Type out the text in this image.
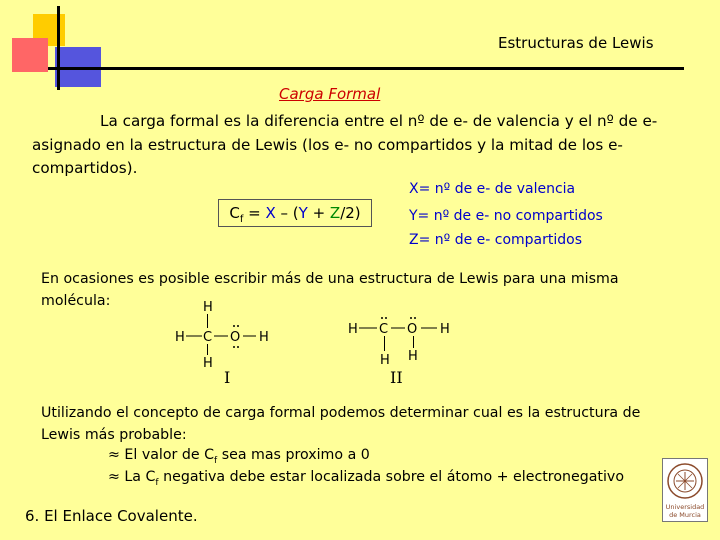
Estructuras de Lewis
Carga Formal
La carga formal es la diferencia entre el nº de e- de valencia y el nº de e- asignado en la estructura de Lewis (los e- no compartidos y la mitad de los e- compartidos).
$C_f = X - (Y + Z/2)$
X= nº de e- de valencia
Y= nº de e- no compartidos
Z= nº de e- compartidos
En ocasiones es posible escribir más de una estructura de Lewis para una misma molécula:	H
H C O H
H
I
H C O H
H H
II
Utilizando el concepto de carga formal podemos determinar cual es la estructura de Lewis más probable:
≈ El valor de $C_f$ sea mas proximo a 0
≈ La $C_f$ negativa debe estar localizada sobre el átomo + electronegativo
6. El Enlace Covalente.	Universidad
de Murcia
